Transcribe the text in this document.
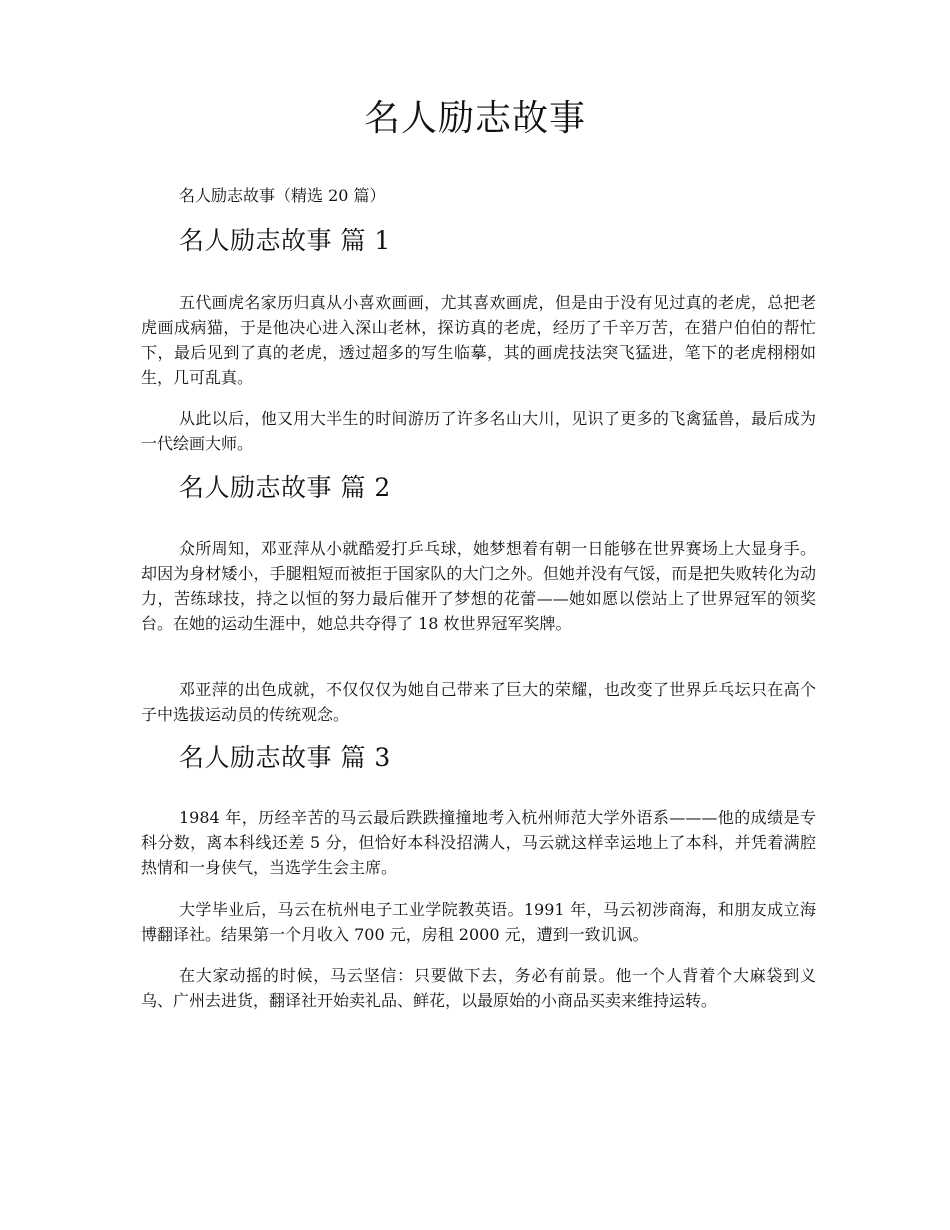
名人励志故事

名人励志故事（精选 20 篇）

名人励志故事 篇 1

五代画虎名家历归真从小喜欢画画，尤其喜欢画虎，但是由于没有见过真的老虎，总把老虎画成病猫，于是他决心进入深山老林，探访真的老虎，经历了千辛万苦，在猎户伯伯的帮忙下，最后见到了真的老虎，透过超多的写生临摹，其的画虎技法突飞猛进，笔下的老虎栩栩如生，几可乱真。

从此以后，他又用大半生的时间游历了许多名山大川，见识了更多的飞禽猛兽，最后成为一代绘画大师。

名人励志故事 篇 2

众所周知，邓亚萍从小就酷爱打乒乓球，她梦想着有朝一日能够在世界赛场上大显身手。却因为身材矮小，手腿粗短而被拒于国家队的大门之外。但她并没有气馁，而是把失败转化为动力，苦练球技，持之以恒的努力最后催开了梦想的花蕾——她如愿以偿站上了世界冠军的领奖台。在她的运动生涯中，她总共夺得了 18 枚世界冠军奖牌。

邓亚萍的出色成就，不仅仅仅为她自己带来了巨大的荣耀，也改变了世界乒乓坛只在高个子中选拔运动员的传统观念。

名人励志故事 篇 3

1984 年，历经辛苦的马云最后跌跌撞撞地考入杭州师范大学外语系———他的成绩是专科分数，离本科线还差 5 分，但恰好本科没招满人，马云就这样幸运地上了本科，并凭着满腔热情和一身侠气，当选学生会主席。

大学毕业后，马云在杭州电子工业学院教英语。1991 年，马云初涉商海，和朋友成立海博翻译社。结果第一个月收入 700 元，房租 2000 元，遭到一致讥讽。

在大家动摇的时候，马云坚信：只要做下去，务必有前景。他一个人背着个大麻袋到义乌、广州去进货，翻译社开始卖礼品、鲜花，以最原始的小商品买卖来维持运转。
